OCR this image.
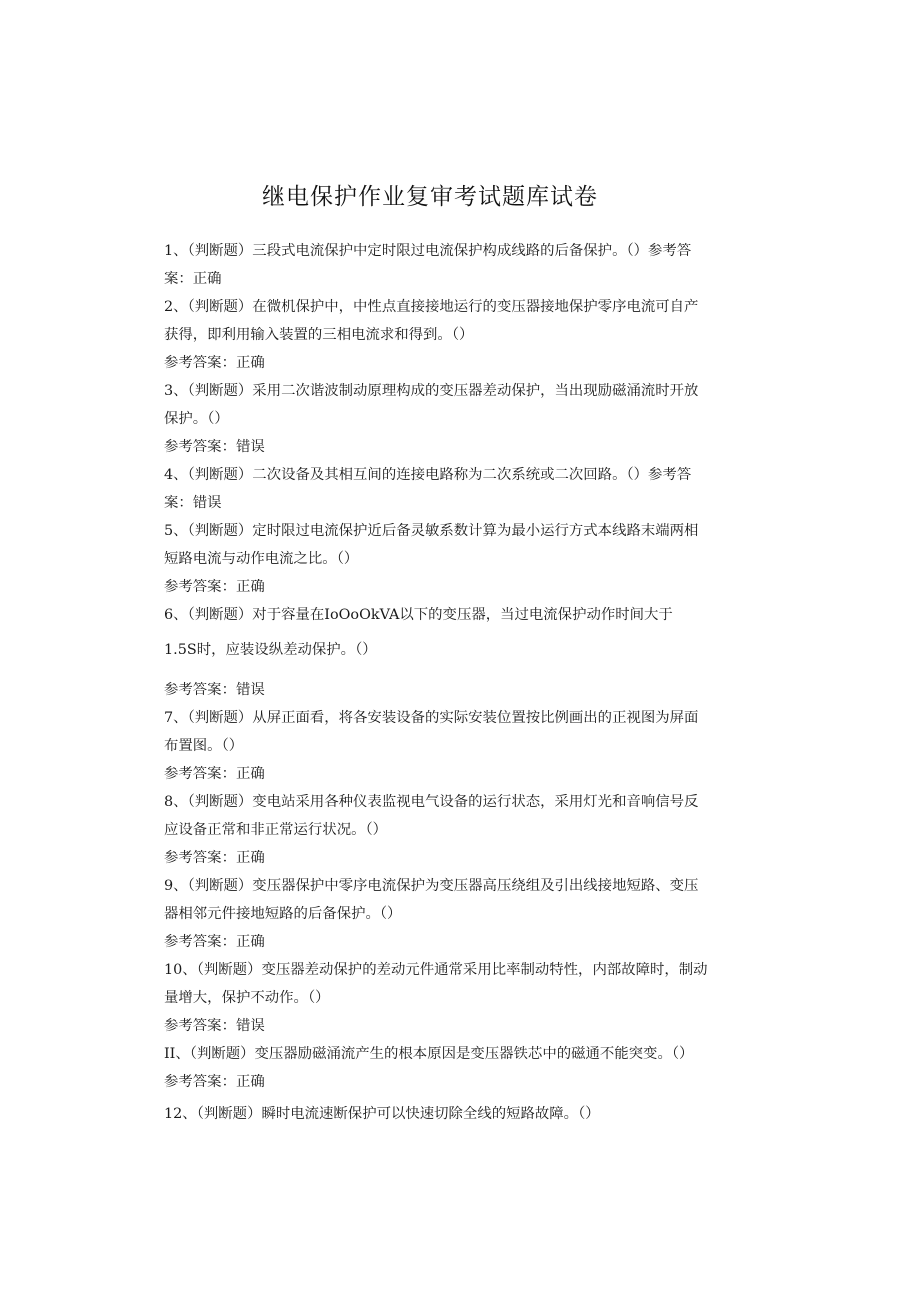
继电保护作业复审考试题库试卷
1、（判断题）三段式电流保护中定时限过电流保护构成线路的后备保护。（）参考答
案：正确
2、（判断题）在微机保护中，中性点直接接地运行的变压器接地保护零序电流可自产
获得，即利用输入装置的三相电流求和得到。（）
参考答案：正确
3、（判断题）采用二次谐波制动原理构成的变压器差动保护，当出现励磁涌流时开放
保护。（）
参考答案：错误
4、（判断题）二次设备及其相互间的连接电路称为二次系统或二次回路。（）参考答
案：错误
5、（判断题）定时限过电流保护近后备灵敏系数计算为最小运行方式本线路末端两相
短路电流与动作电流之比。（）
参考答案：正确
6、（判断题）对于容量在IoOoOkVA以下的变压器，当过电流保护动作时间大于
1.5S时，应装设纵差动保护。（）
参考答案：错误
7、（判断题）从屏正面看，将各安装设备的实际安装位置按比例画出的正视图为屏面
布置图。（）
参考答案：正确
8、（判断题）变电站采用各种仪表监视电气设备的运行状态，采用灯光和音响信号反
应设备正常和非正常运行状况。（）
参考答案：正确
9、（判断题）变压器保护中零序电流保护为变压器高压绕组及引出线接地短路、变压
器相邻元件接地短路的后备保护。（）
参考答案：正确
10、（判断题）变压器差动保护的差动元件通常采用比率制动特性，内部故障时，制动
量增大，保护不动作。（）
参考答案：错误
II、（判断题）变压器励磁涌流产生的根本原因是变压器铁芯中的磁通不能突变。（）
参考答案：正确
12、（判断题）瞬时电流速断保护可以快速切除全线的短路故障。（）
